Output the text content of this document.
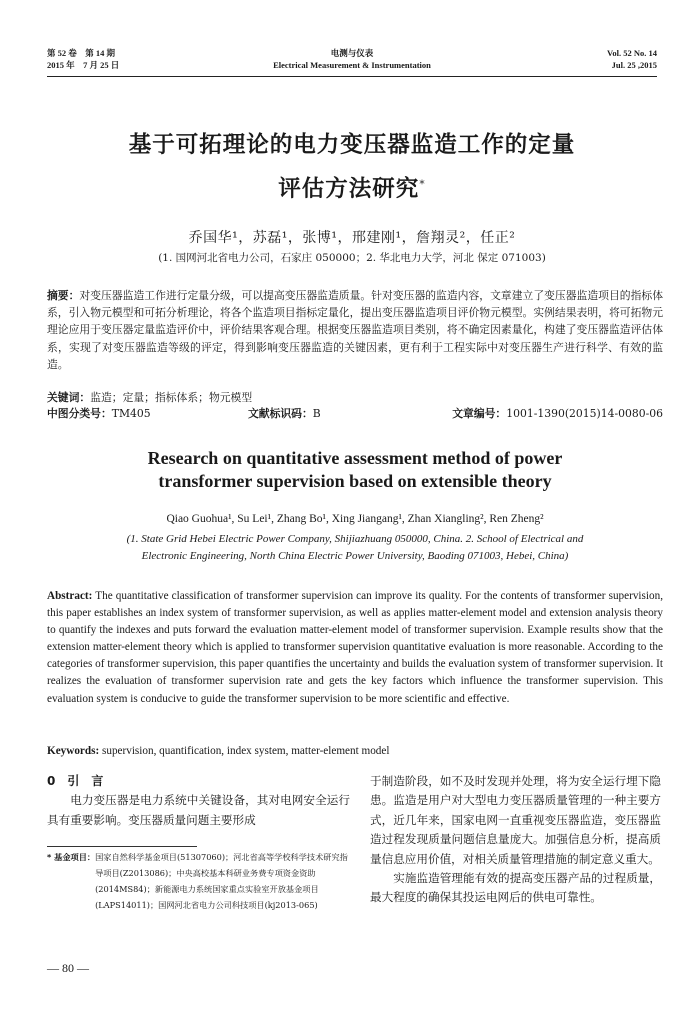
第 52 卷　第 14 期
2015 年　7 月 25 日
电测与仪表
Electrical Measurement & Instrumentation
Vol. 52 No. 14
Jul. 25 ,2015
基于可拓理论的电力变压器监造工作的定量
评估方法研究*
乔国华¹，苏磊¹，张博¹，邢建刚¹，詹翔灵²，任正²
(1. 国网河北省电力公司，石家庄 050000；2. 华北电力大学，河北 保定 071003)
摘要：对变压器监造工作进行定量分级，可以提高变压器监造质量。针对变压器的监造内容，文章建立了变压器监造项目的指标体系，引入物元模型和可拓分析理论，将各个监造项目指标定量化，提出变压器监造项目评价物元模型。实例结果表明，将可拓物元理论应用于变压器定量监造评价中，评价结果客观合理。根据变压器监造项目类别，将不确定因素量化，构建了变压器监造评估体系，实现了对变压器监造等级的评定，得到影响变压器监造的关键因素，更有利于工程实际中对变压器生产进行科学、有效的监造。
关键词：监造；定量；指标体系；物元模型
中图分类号：TM405	文献标识码：B	文章编号：1001-1390(2015)14-0080-06
Research on quantitative assessment method of power
transformer supervision based on extensible theory
Qiao Guohua¹, Su Lei¹, Zhang Bo¹, Xing Jiangang¹, Zhan Xiangling², Ren Zheng²
(1. State Grid Hebei Electric Power Company, Shijiazhuang 050000, China. 2. School of Electrical and
Electronic Engineering, North China Electric Power University, Baoding 071003, Hebei, China)
Abstract: The quantitative classification of transformer supervision can improve its quality. For the contents of transformer supervision, this paper establishes an index system of transformer supervision, as well as applies matter-element model and extension analysis theory to quantify the indexes and puts forward the evaluation matter-element model of transformer supervision. Example results show that the extension matter-element theory which is applied to transformer supervision quantitative evaluation is more reasonable. According to the categories of transformer supervision, this paper quantifies the uncertainty and builds the evaluation system of transformer supervision. It realizes the evaluation of transformer supervision rate and gets the key factors which influence the transformer supervision. This evaluation system is conducive to guide the transformer supervision to be more scientific and effective.
Keywords: supervision, quantification, index system, matter-element model
0　引　言
电力变压器是电力系统中关键设备，其对电网安全运行具有重要影响。变压器质量问题主要形成
* 基金项目： 国家自然科学基金项目(51307060)；河北省高等学校科学技术研究指导项目(Z2013086)；中央高校基本科研业务费专项资金资助(2014MS84)；新能源电力系统国家重点实验室开放基金项目(LAPS14011)；国网河北省电力公司科技项目(kj2013-065)
于制造阶段，如不及时发现并处理，将为安全运行埋下隐患。监造是用户对大型电力变压器质量管理的一种主要方式，近几年来，国家电网一直重视变压器监造，变压器监造过程发现质量问题信息量庞大。加强信息分析，提高质量信息应用价值，对相关质量管理措施的制定意义重大。
实施监造管理能有效的提高变压器产品的过程质量，最大程度的确保其投运电网后的供电可靠性。
— 80 —
